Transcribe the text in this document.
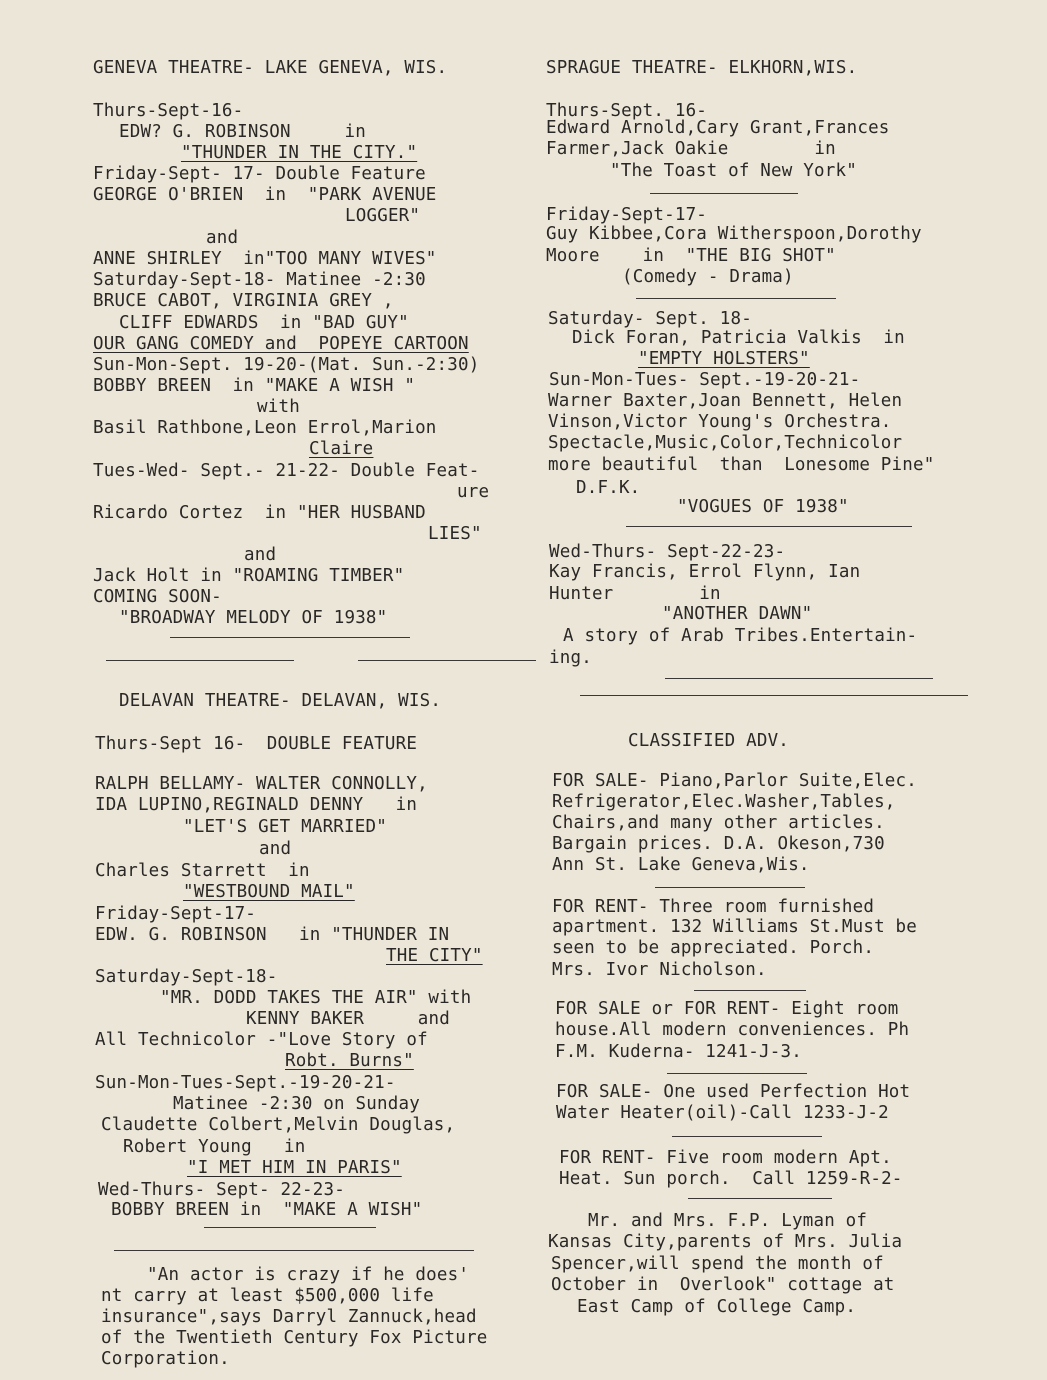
GENEVA THEATRE- LAKE GENEVA, WIS.
Thurs-Sept-16-
EDW? G. ROBINSON     in
"THUNDER IN THE CITY."
Friday-Sept- 17- Double Feature
GEORGE O'BRIEN  in  "PARK AVENUE
LOGGER"
and
ANNE SHIRLEY  in"TOO MANY WIVES"
Saturday-Sept-18- Matinee -2:30
BRUCE CABOT, VIRGINIA GREY ,
CLIFF EDWARDS  in "BAD GUY"
OUR GANG COMEDY and  POPEYE CARTOON
Sun-Mon-Sept. 19-20-(Mat. Sun.-2:30)
BOBBY BREEN  in "MAKE A WISH "
with
Basil Rathbone,Leon Errol,Marion
Claire
Tues-Wed- Sept.- 21-22- Double Feat-
ure
Ricardo Cortez  in "HER HUSBAND
LIES"
and
Jack Holt in "ROAMING TIMBER"
COMING SOON-
"BROADWAY MELODY OF 1938"
DELAVAN THEATRE- DELAVAN, WIS.
Thurs-Sept 16-  DOUBLE FEATURE
RALPH BELLAMY- WALTER CONNOLLY,
IDA LUPINO,REGINALD DENNY   in
"LET'S GET MARRIED"
and
Charles Starrett  in
"WESTBOUND MAIL"
Friday-Sept-17-
EDW. G. ROBINSON   in "THUNDER IN
THE CITY"
Saturday-Sept-18-
"MR. DODD TAKES THE AIR" with
KENNY BAKER     and
All Technicolor -"Love Story of
Robt. Burns"
Sun-Mon-Tues-Sept.-19-20-21-
Matinee -2:30 on Sunday
Claudette Colbert,Melvin Douglas,
Robert Young   in
"I MET HIM IN PARIS"
Wed-Thurs- Sept- 22-23-
BOBBY BREEN in  "MAKE A WISH"
"An actor is crazy if he does'
nt carry at least $500,000 life
insurance",says Darryl Zannuck,head
of the Twentieth Century Fox Picture
Corporation.
SPRAGUE THEATRE- ELKHORN,WIS.
Thurs-Sept. 16-
Edward Arnold,Cary Grant,Frances
Farmer,Jack Oakie        in
"The Toast of New York"
Friday-Sept-17-
Guy Kibbee,Cora Witherspoon,Dorothy
Moore    in  "THE BIG SHOT"
(Comedy - Drama)
Saturday- Sept. 18-
Dick Foran, Patricia Valkis  in
"EMPTY HOLSTERS"
Sun-Mon-Tues- Sept.-19-20-21-
Warner Baxter,Joan Bennett, Helen
Vinson,Victor Young's Orchestra.
Spectacle,Music,Color,Technicolor
more beautiful  than  Lonesome Pine"
D.F.K.
"VOGUES OF 1938"
Wed-Thurs- Sept-22-23-
Kay Francis, Errol Flynn, Ian
Hunter        in
"ANOTHER DAWN"
A story of Arab Tribes.Entertain-
ing.
CLASSIFIED ADV.
FOR SALE- Piano,Parlor Suite,Elec.
Refrigerator,Elec.Washer,Tables,
Chairs,and many other articles.
Bargain prices. D.A. Okeson,730
Ann St. Lake Geneva,Wis.
FOR RENT- Three room furnished
apartment. 132 Williams St.Must be
seen to be appreciated. Porch.
Mrs. Ivor Nicholson.
FOR SALE or FOR RENT- Eight room
house.All modern conveniences. Ph
F.M. Kuderna- 1241-J-3.
FOR SALE- One used Perfection Hot
Water Heater(oil)-Call 1233-J-2
FOR RENT- Five room modern Apt.
Heat. Sun porch.  Call 1259-R-2-
Mr. and Mrs. F.P. Lyman of
Kansas City,parents of Mrs. Julia
Spencer,will spend the month of
October in  Overlook" cottage at
East Camp of College Camp.
